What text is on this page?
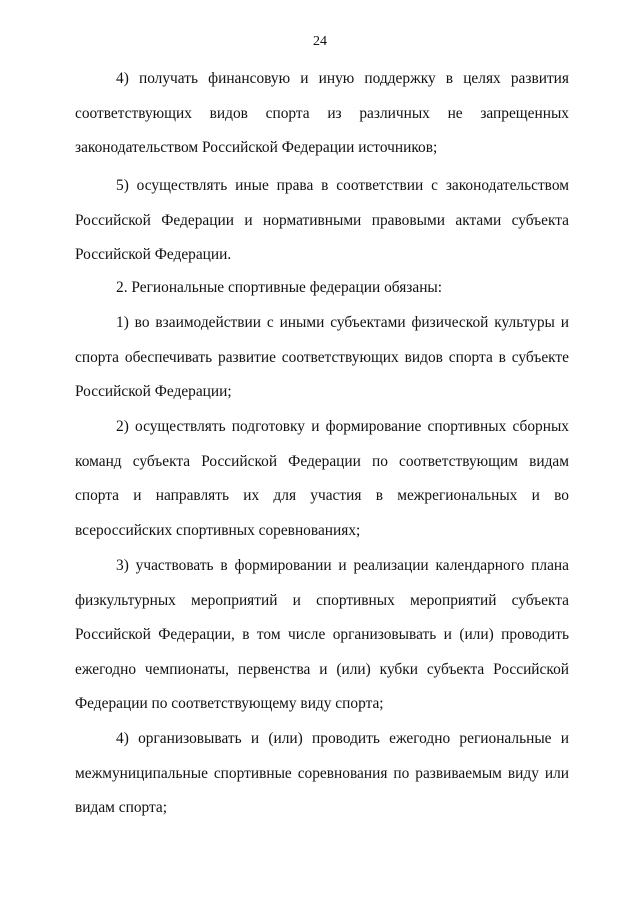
24

4) получать финансовую и иную поддержку в целях развития соответствующих видов спорта из различных не запрещенных законодательством Российской Федерации источников;

5) осуществлять иные права в соответствии с законодательством Российской Федерации и нормативными правовыми актами субъекта Российской Федерации.

2. Региональные спортивные федерации обязаны:

1) во взаимодействии с иными субъектами физической культуры и спорта обеспечивать развитие соответствующих видов спорта в субъекте Российской Федерации;

2) осуществлять подготовку и формирование спортивных сборных команд субъекта Российской Федерации по соответствующим видам спорта и направлять их для участия в межрегиональных и во всероссийских спортивных соревнованиях;

3) участвовать в формировании и реализации календарного плана физкультурных мероприятий и спортивных мероприятий субъекта Российской Федерации, в том числе организовывать и (или) проводить ежегодно чемпионаты, первенства и (или) кубки субъекта Российской Федерации по соответствующему виду спорта;

4) организовывать и (или) проводить ежегодно региональные и межмуниципальные спортивные соревнования по развиваемым виду или видам спорта;
